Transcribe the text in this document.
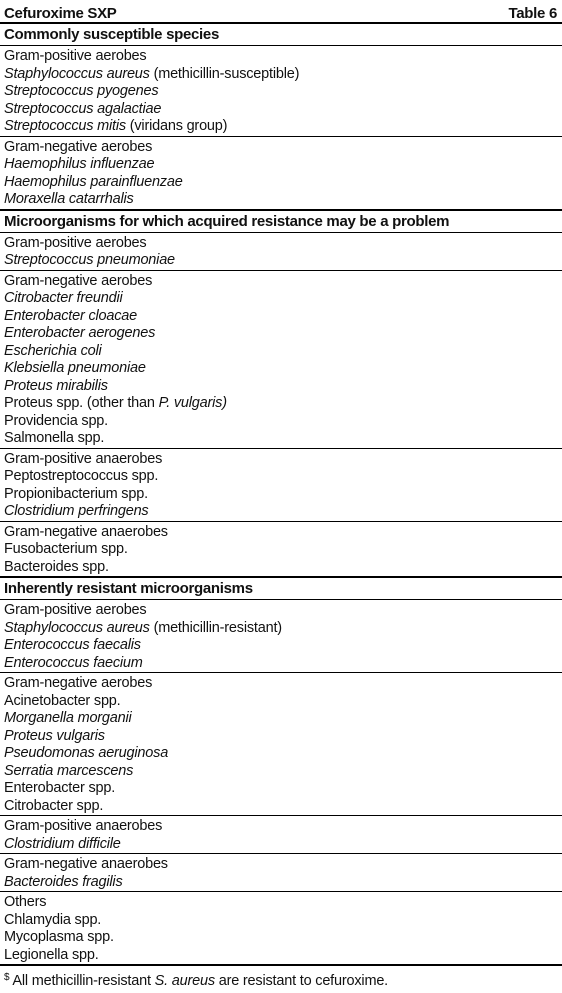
Cefuroxime SXP	Table 6
Commonly susceptible species
Gram-positive aerobes
Staphylococcus aureus (methicillin-susceptible)
Streptococcus pyogenes
Streptococcus agalactiae
Streptococcus mitis (viridans group)
Gram-negative aerobes
Haemophilus influenzae
Haemophilus parainfluenzae
Moraxella catarrhalis
Microorganisms for which acquired resistance may be a problem
Gram-positive aerobes
Streptococcus pneumoniae
Gram-negative aerobes
Citrobacter freundii
Enterobacter cloacae
Enterobacter aerogenes
Escherichia coli
Klebsiella pneumoniae
Proteus mirabilis
Proteus spp. (other than P. vulgaris)
Providencia spp.
Salmonella spp.
Gram-positive anaerobes
Peptostreptococcus spp.
Propionibacterium spp.
Clostridium perfringens
Gram-negative anaerobes
Fusobacterium spp.
Bacteroides spp.
Inherently resistant microorganisms
Gram-positive aerobes
Staphylococcus aureus (methicillin-resistant)
Enterococcus faecalis
Enterococcus faecium
Gram-negative aerobes
Acinetobacter spp.
Morganella morganii
Proteus vulgaris
Pseudomonas aeruginosa
Serratia marcescens
Enterobacter spp.
Citrobacter spp.
Gram-positive anaerobes
Clostridium difficile
Gram-negative anaerobes
Bacteroides fragilis
Others
Chlamydia spp.
Mycoplasma spp.
Legionella spp.
$ All methicillin-resistant S. aureus are resistant to cefuroxime.
